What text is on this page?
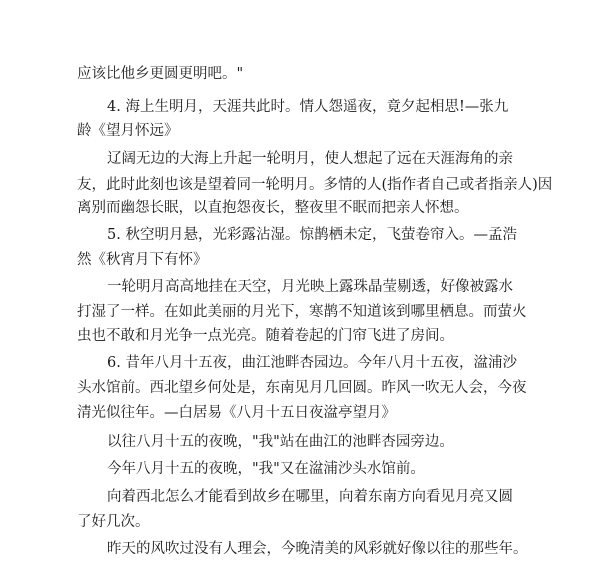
应该比他乡更圆更明吧。"
4. 海上生明月，天涯共此时。情人怨遥夜，竟夕起相思!—张九
龄《望月怀远》
辽阔无边的大海上升起一轮明月，使人想起了远在天涯海角的亲
友，此时此刻也该是望着同一轮明月。多情的人(指作者自己或者指亲人)因
离别而幽怨长眠，以直抱怨夜长，整夜里不眠而把亲人怀想。
5. 秋空明月悬，光彩露沾湿。惊鹊栖未定，飞萤卷帘入。—孟浩
然《秋宵月下有怀》
一轮明月高高地挂在天空，月光映上露珠晶莹剔透，好像被露水
打湿了一样。在如此美丽的月光下，寒鹊不知道该到哪里栖息。而萤火
虫也不敢和月光争一点光亮。随着卷起的门帘飞进了房间。
6. 昔年八月十五夜，曲江池畔杏园边。今年八月十五夜，湓浦沙
头水馆前。西北望乡何处是，东南见月几回圆。昨风一吹无人会，今夜
清光似往年。—白居易《八月十五日夜湓亭望月》
以往八月十五的夜晚，"我"站在曲江的池畔杏园旁边。
今年八月十五的夜晚，"我"又在湓浦沙头水馆前。
向着西北怎么才能看到故乡在哪里，向着东南方向看见月亮又圆
了好几次。
昨天的风吹过没有人理会，今晚清美的风彩就好像以往的那些年。
